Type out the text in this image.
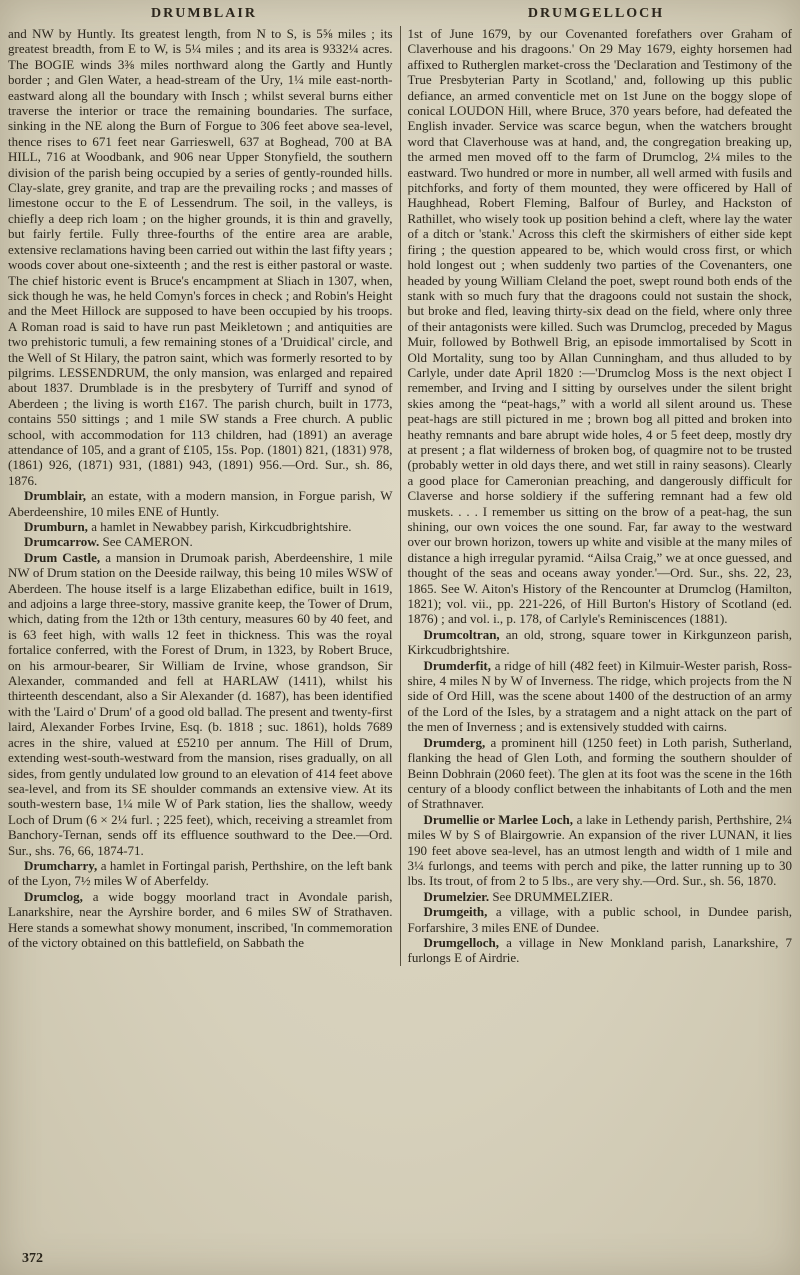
DRUMBLAIR	DRUMGELLOCH

and NW by Huntly. Its greatest length, from N to S, is 5⅝ miles ; its greatest breadth, from E to W, is 5¼ miles ; and its area is 9332¼ acres. The BOGIE winds 3⅜ miles northward along the Gartly and Huntly border ; and Glen Water, a head-stream of the Ury, 1¼ mile east-north-eastward along all the boundary with Insch ; whilst several burns either traverse the interior or trace the remaining boundaries. The surface, sinking in the NE along the Burn of Forgue to 306 feet above sea-level, thence rises to 671 feet near Garrieswell, 637 at Boghead, 700 at BA HILL, 716 at Woodbank, and 906 near Upper Stonyfield, the southern division of the parish being occupied by a series of gently-rounded hills. Clay-slate, grey granite, and trap are the prevailing rocks ; and masses of limestone occur to the E of Lessendrum. The soil, in the valleys, is chiefly a deep rich loam ; on the higher grounds, it is thin and gravelly, but fairly fertile. Fully three-fourths of the entire area are arable, extensive reclamations having been carried out within the last fifty years ; woods cover about one-sixteenth ; and the rest is either pastoral or waste. The chief historic event is Bruce's encampment at Sliach in 1307, when, sick though he was, he held Comyn's forces in check ; and Robin's Height and the Meet Hillock are supposed to have been occupied by his troops. A Roman road is said to have run past Meikletown ; and antiquities are two prehistoric tumuli, a few remaining stones of a 'Druidical' circle, and the Well of St Hilary, the patron saint, which was formerly resorted to by pilgrims. LESSENDRUM, the only mansion, was enlarged and repaired about 1837. Drumblade is in the presbytery of Turriff and synod of Aberdeen ; the living is worth £167. The parish church, built in 1773, contains 550 sittings ; and 1 mile SW stands a Free church. A public school, with accommodation for 113 children, had (1891) an average attendance of 105, and a grant of £105, 15s. Pop. (1801) 821, (1831) 978, (1861) 926, (1871) 931, (1881) 943, (1891) 956.—Ord. Sur., sh. 86, 1876.

Drumblair, an estate, with a modern mansion, in Forgue parish, W Aberdeenshire, 10 miles ENE of Huntly.

Drumburn, a hamlet in Newabbey parish, Kirkcudbrightshire.

Drumcarrow. See CAMERON.

Drum Castle, a mansion in Drumoak parish, Aberdeenshire, 1 mile NW of Drum station on the Deeside railway, this being 10 miles WSW of Aberdeen. The house itself is a large Elizabethan edifice, built in 1619, and adjoins a large three-story, massive granite keep, the Tower of Drum, which, dating from the 12th or 13th century, measures 60 by 40 feet, and is 63 feet high, with walls 12 feet in thickness. This was the royal fortalice conferred, with the Forest of Drum, in 1323, by Robert Bruce, on his armour-bearer, Sir William de Irvine, whose grandson, Sir Alexander, commanded and fell at HARLAW (1411), whilst his thirteenth descendant, also a Sir Alexander (d. 1687), has been identified with the 'Laird o' Drum' of a good old ballad. The present and twenty-first laird, Alexander Forbes Irvine, Esq. (b. 1818 ; suc. 1861), holds 7689 acres in the shire, valued at £5210 per annum. The Hill of Drum, extending west-south-westward from the mansion, rises gradually, on all sides, from gently undulated low ground to an elevation of 414 feet above sea-level, and from its SE shoulder commands an extensive view. At its south-western base, 1¼ mile W of Park station, lies the shallow, weedy Loch of Drum (6 × 2¼ furl. ; 225 feet), which, receiving a streamlet from Banchory-Ternan, sends off its effluence southward to the Dee.—Ord. Sur., shs. 76, 66, 1874-71.

Drumcharry, a hamlet in Fortingal parish, Perthshire, on the left bank of the Lyon, 7½ miles W of Aberfeldy.

Drumclog, a wide boggy moorland tract in Avondale parish, Lanarkshire, near the Ayrshire border, and 6 miles SW of Strathaven. Here stands a somewhat showy monument, inscribed, 'In commemoration of the victory obtained on this battlefield, on Sabbath the

1st of June 1679, by our Covenanted forefathers over Graham of Claverhouse and his dragoons.' On 29 May 1679, eighty horsemen had affixed to Rutherglen market-cross the 'Declaration and Testimony of the True Presbyterian Party in Scotland,' and, following up this public defiance, an armed conventicle met on 1st June on the boggy slope of conical LOUDON Hill, where Bruce, 370 years before, had defeated the English invader. Service was scarce begun, when the watchers brought word that Claverhouse was at hand, and, the congregation breaking up, the armed men moved off to the farm of Drumclog, 2¼ miles to the eastward. Two hundred or more in number, all well armed with fusils and pitchforks, and forty of them mounted, they were officered by Hall of Haughhead, Robert Fleming, Balfour of Burley, and Hackston of Rathillet, who wisely took up position behind a cleft, where lay the water of a ditch or 'stank.' Across this cleft the skirmishers of either side kept firing ; the question appeared to be, which would cross first, or which hold longest out ; when suddenly two parties of the Covenanters, one headed by young William Cleland the poet, swept round both ends of the stank with so much fury that the dragoons could not sustain the shock, but broke and fled, leaving thirty-six dead on the field, where only three of their antagonists were killed. Such was Drumclog, preceded by Magus Muir, followed by Bothwell Brig, an episode immortalised by Scott in Old Mortality, sung too by Allan Cunningham, and thus alluded to by Carlyle, under date April 1820 :—'Drumclog Moss is the next object I remember, and Irving and I sitting by ourselves under the silent bright skies among the “peat-hags,” with a world all silent around us. These peat-hags are still pictured in me ; brown bog all pitted and broken into heathy remnants and bare abrupt wide holes, 4 or 5 feet deep, mostly dry at present ; a flat wilderness of broken bog, of quagmire not to be trusted (probably wetter in old days there, and wet still in rainy seasons). Clearly a good place for Cameronian preaching, and dangerously difficult for Claverse and horse soldiery if the suffering remnant had a few old muskets. . . . I remember us sitting on the brow of a peat-hag, the sun shining, our own voices the one sound. Far, far away to the westward over our brown horizon, towers up white and visible at the many miles of distance a high irregular pyramid. “Ailsa Craig,” we at once guessed, and thought of the seas and oceans away yonder.'—Ord. Sur., shs. 22, 23, 1865. See W. Aiton's History of the Rencounter at Drumclog (Hamilton, 1821); vol. vii., pp. 221-226, of Hill Burton's History of Scotland (ed. 1876) ; and vol. i., p. 178, of Carlyle's Reminiscences (1881).

Drumcoltran, an old, strong, square tower in Kirkgunzeon parish, Kirkcudbrightshire.

Drumderfit, a ridge of hill (482 feet) in Kilmuir-Wester parish, Ross-shire, 4 miles N by W of Inverness. The ridge, which projects from the N side of Ord Hill, was the scene about 1400 of the destruction of an army of the Lord of the Isles, by a stratagem and a night attack on the part of the men of Inverness ; and is extensively studded with cairns.

Drumderg, a prominent hill (1250 feet) in Loth parish, Sutherland, flanking the head of Glen Loth, and forming the southern shoulder of Beinn Dobhrain (2060 feet). The glen at its foot was the scene in the 16th century of a bloody conflict between the inhabitants of Loth and the men of Strathnaver.

Drumellie or Marlee Loch, a lake in Lethendy parish, Perthshire, 2¼ miles W by S of Blairgowrie. An expansion of the river LUNAN, it lies 190 feet above sea-level, has an utmost length and width of 1 mile and 3¼ furlongs, and teems with perch and pike, the latter running up to 30 lbs. Its trout, of from 2 to 5 lbs., are very shy.—Ord. Sur., sh. 56, 1870.

Drumelzier. See DRUMMELZIER.

Drumgeith, a village, with a public school, in Dundee parish, Forfarshire, 3 miles ENE of Dundee.

Drumgelloch, a village in New Monkland parish, Lanarkshire, 7 furlongs E of Airdrie.

372
